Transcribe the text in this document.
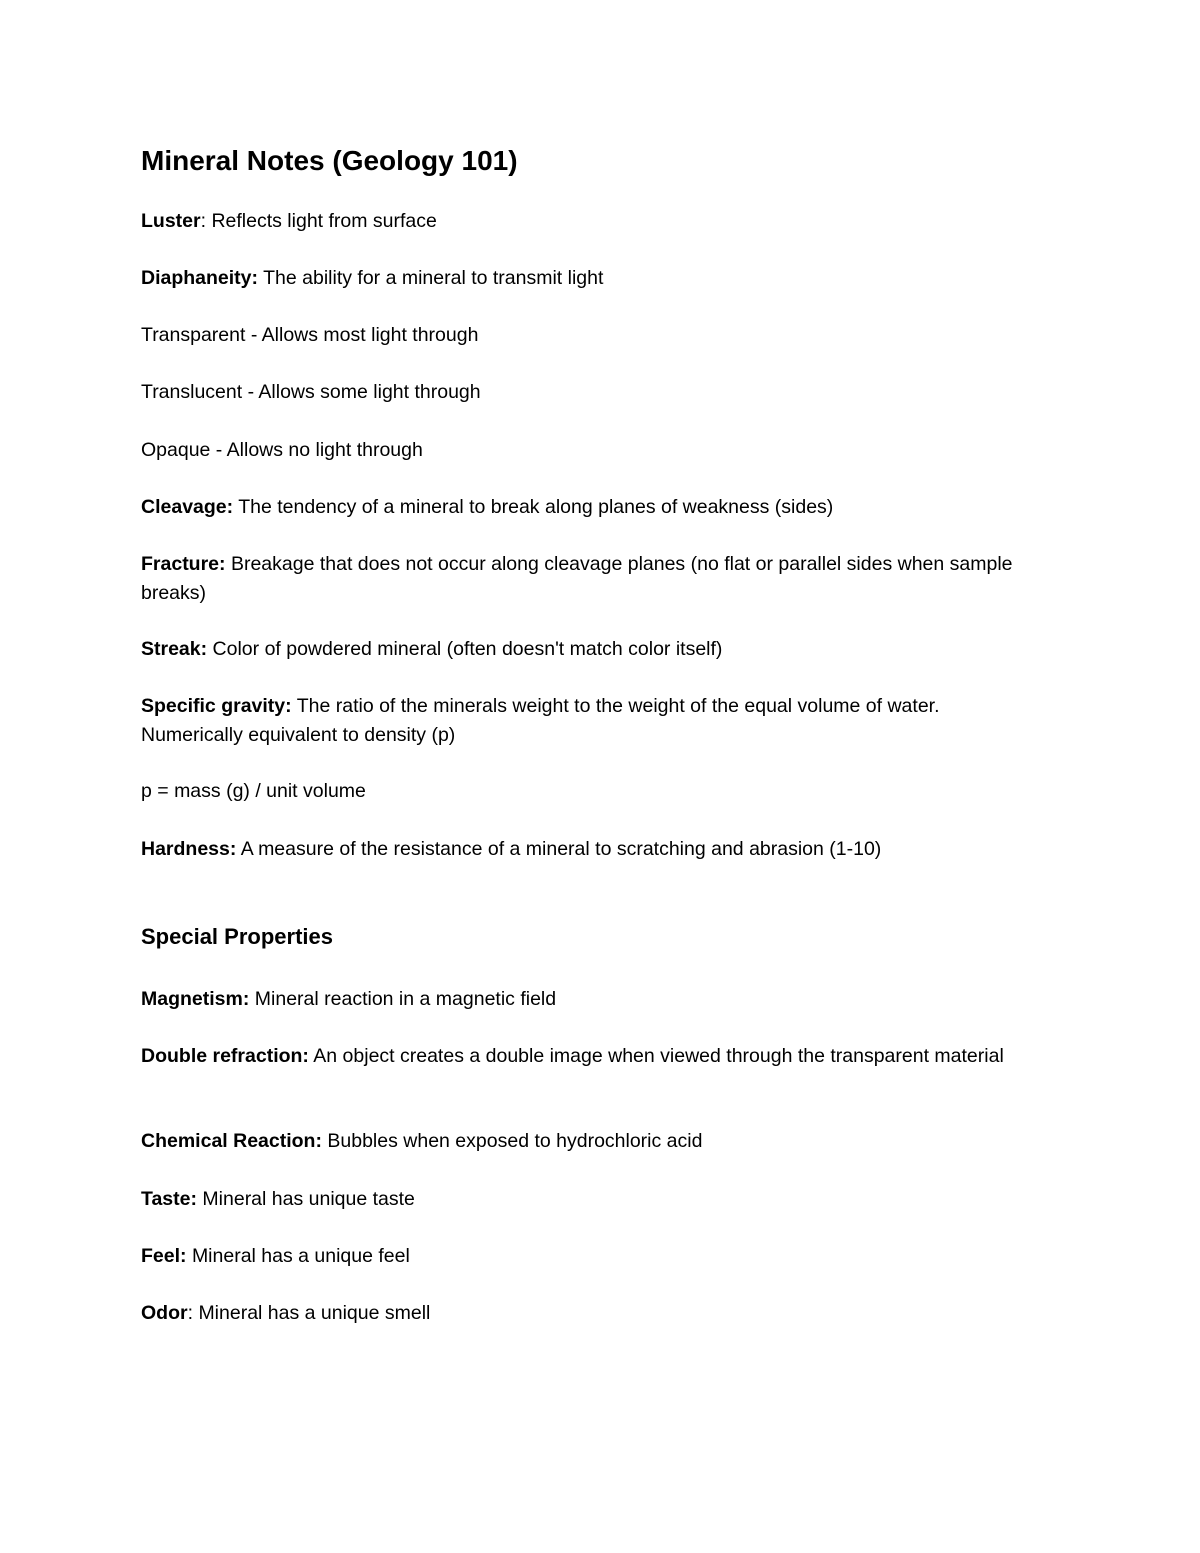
Mineral Notes (Geology 101)

Luster: Reflects light from surface

Diaphaneity: The ability for a mineral to transmit light

Transparent - Allows most light through

Translucent - Allows some light through

Opaque - Allows no light through

Cleavage: The tendency of a mineral to break along planes of weakness (sides)

Fracture: Breakage that does not occur along cleavage planes (no flat or parallel sides when sample breaks)

Streak: Color of powdered mineral (often doesn't match color itself)

Specific gravity: The ratio of the minerals weight to the weight of the equal volume of water. Numerically equivalent to density (p)

p = mass (g) / unit volume

Hardness: A measure of the resistance of a mineral to scratching and abrasion (1-10)

Special Properties

Magnetism: Mineral reaction in a magnetic field

Double refraction: An object creates a double image when viewed through the transparent material

Chemical Reaction: Bubbles when exposed to hydrochloric acid

Taste: Mineral has unique taste

Feel: Mineral has a unique feel

Odor: Mineral has a unique smell
